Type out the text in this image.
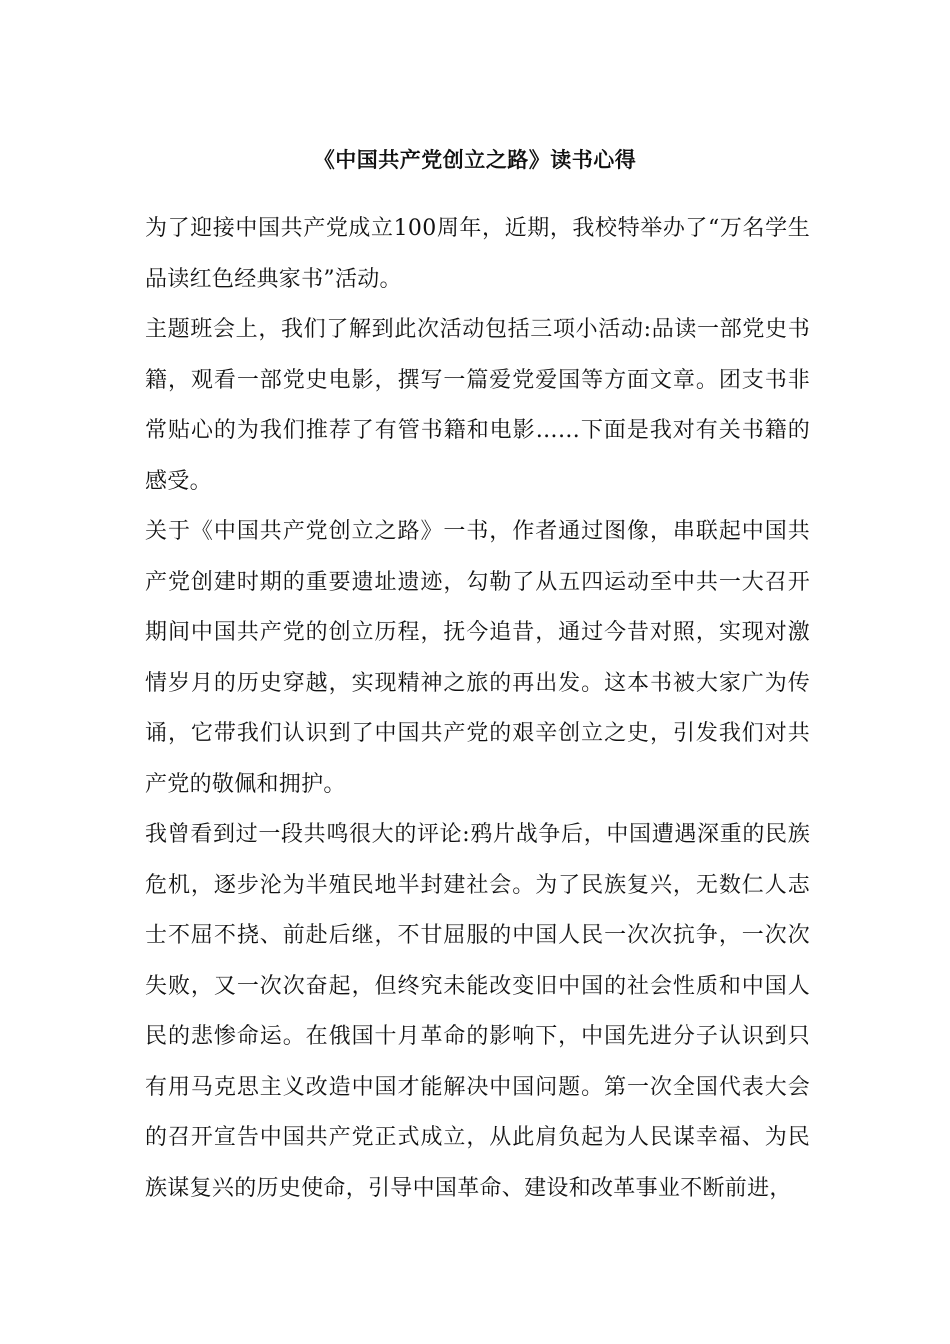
《中国共产党创立之路》读书心得

为了迎接中国共产党成立100周年，近期，我校特举办了“万名学生品读红色经典家书”活动。

主题班会上，我们了解到此次活动包括三项小活动:品读一部党史书籍，观看一部党史电影，撰写一篇爱党爱国等方面文章。团支书非常贴心的为我们推荐了有管书籍和电影……下面是我对有关书籍的感受。

关于《中国共产党创立之路》一书，作者通过图像，串联起中国共产党创建时期的重要遗址遗迹，勾勒了从五四运动至中共一大召开期间中国共产党的创立历程，抚今追昔，通过今昔对照，实现对激情岁月的历史穿越，实现精神之旅的再出发。这本书被大家广为传诵，它带我们认识到了中国共产党的艰辛创立之史，引发我们对共产党的敬佩和拥护。

我曾看到过一段共鸣很大的评论:鸦片战争后，中国遭遇深重的民族危机，逐步沦为半殖民地半封建社会。为了民族复兴，无数仁人志士不屈不挠、前赴后继，不甘屈服的中国人民一次次抗争，一次次失败，又一次次奋起，但终究未能改变旧中国的社会性质和中国人民的悲惨命运。在俄国十月革命的影响下，中国先进分子认识到只有用马克思主义改造中国才能解决中国问题。第一次全国代表大会的召开宣告中国共产党正式成立，从此肩负起为人民谋幸福、为民族谋复兴的历史使命，引导中国革命、建设和改革事业不断前进，
